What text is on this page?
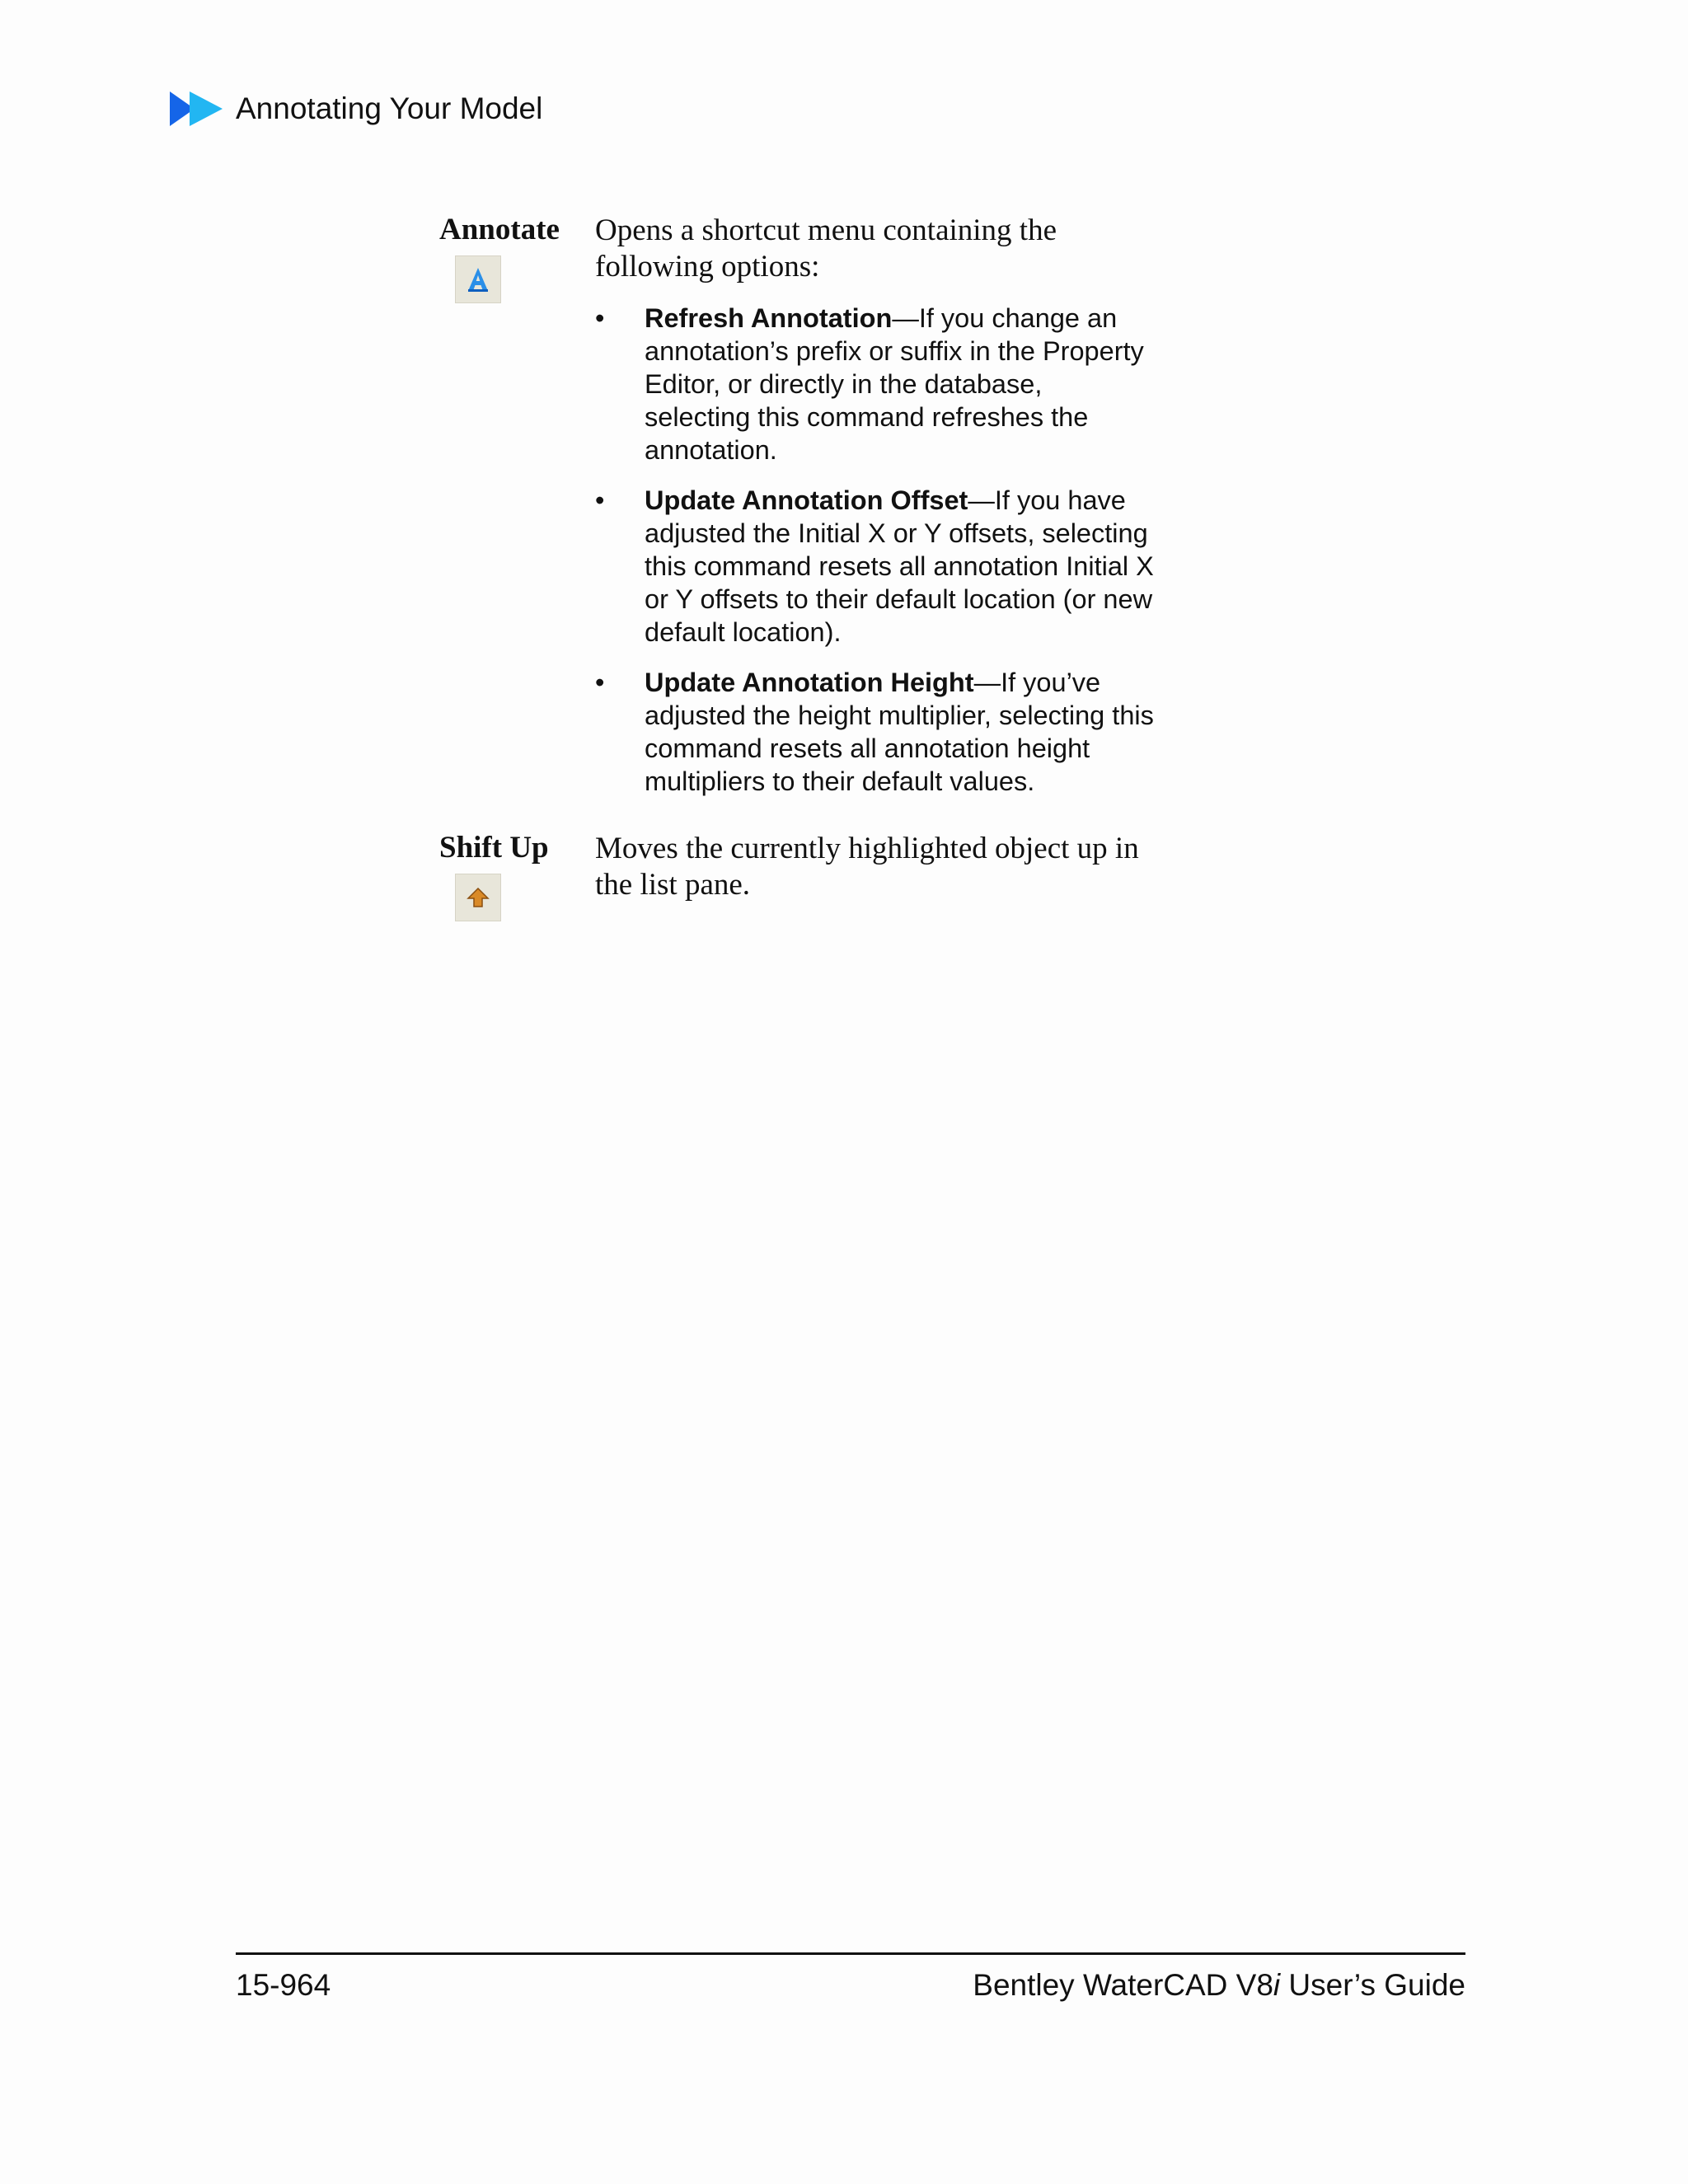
Annotating Your Model
Annotate Opens a shortcut menu containing the following options:
•	Refresh Annotation—If you change an annotation’s prefix or suffix in the Property Editor, or directly in the database, selecting this command refreshes the annotation.
•	Update Annotation Offset—If you have adjusted the Initial X or Y offsets, selecting this command resets all annotation Initial X or Y offsets to their default location (or new default location).
•	Update Annotation Height—If you’ve adjusted the height multiplier, selecting this command resets all annotation height multipliers to their default values.
Shift Up Moves the currently highlighted object up in the list pane.
15-964	Bentley WaterCAD V8i User’s Guide
